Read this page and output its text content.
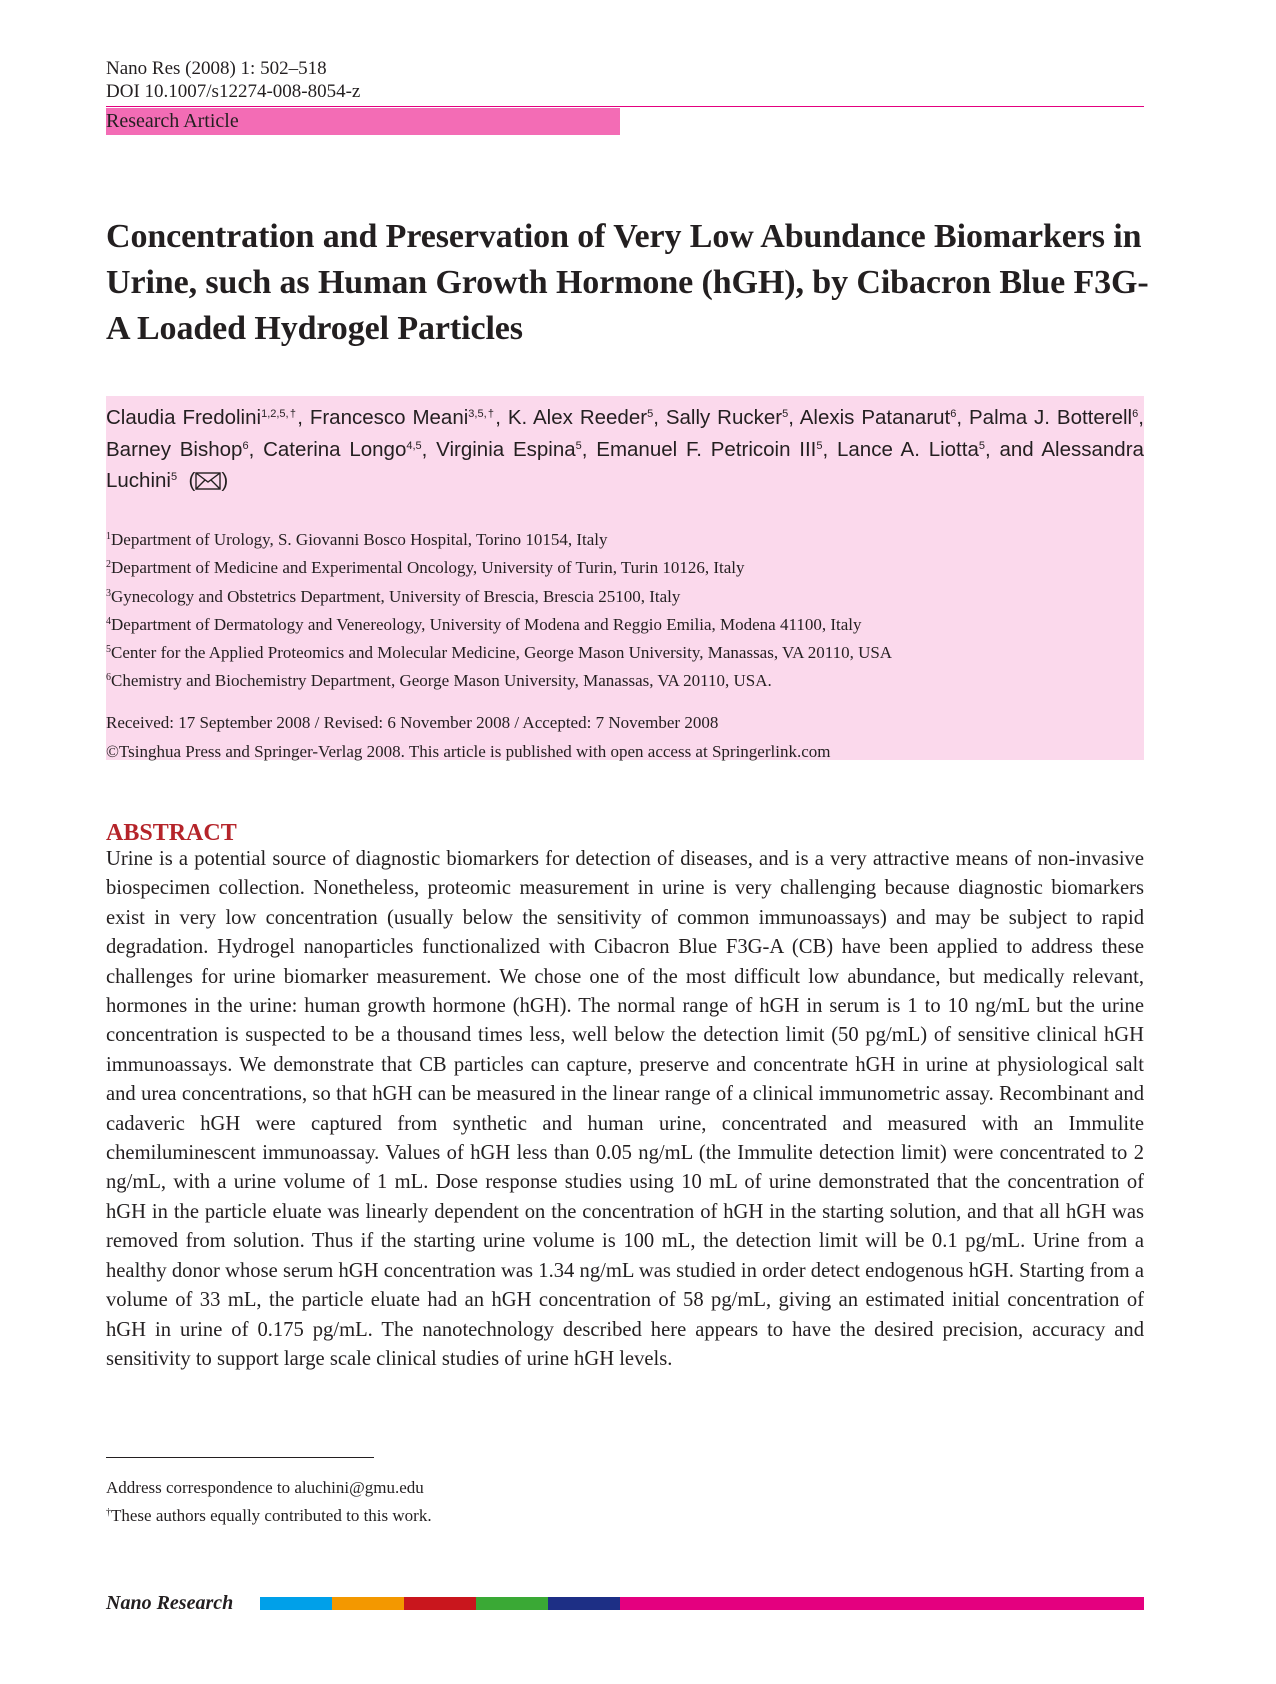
Nano Res (2008) 1: 502–518
DOI 10.1007/s12274-008-8054-z
Research Article
Concentration and Preservation of Very Low Abundance Biomarkers in Urine, such as Human Growth Hormone (hGH), by Cibacron Blue F3G-A Loaded Hydrogel Particles
Claudia Fredolini$^{1,2,5,\dagger}$, Francesco Meani$^{3,5,\dagger}$, K. Alex Reeder$^5$, Sally Rucker$^5$, Alexis Patanarut$^6$, Palma J. Botterell$^6$, Barney Bishop$^6$, Caterina Longo$^{4,5}$, Virginia Espina$^5$, Emanuel F. Petricoin III$^5$, Lance A. Liotta$^5$, and Alessandra Luchini$^5$  ( )
$^1$Department of Urology, S. Giovanni Bosco Hospital, Torino 10154, Italy
$^2$Department of Medicine and Experimental Oncology, University of Turin, Turin 10126, Italy
$^3$Gynecology and Obstetrics Department, University of Brescia, Brescia 25100, Italy
$^4$Department of Dermatology and Venereology, University of Modena and Reggio Emilia, Modena 41100, Italy
$^5$Center for the Applied Proteomics and Molecular Medicine, George Mason University, Manassas, VA 20110, USA
$^6$Chemistry and Biochemistry Department, George Mason University, Manassas, VA 20110, USA.
Received: 17 September 2008 / Revised: 6 November 2008 / Accepted: 7 November 2008
©Tsinghua Press and Springer-Verlag 2008. This article is published with open access at Springerlink.com
ABSTRACT

Urine is a potential source of diagnostic biomarkers for detection of diseases, and is a very attractive means of non-invasive biospecimen collection. Nonetheless, proteomic measurement in urine is very challenging because diagnostic biomarkers exist in very low concentration (usually below the sensitivity of common immunoassays) and may be subject to rapid degradation. Hydrogel nanoparticles functionalized with Cibacron Blue F3G-A (CB) have been applied to address these challenges for urine biomarker measurement. We chose one of the most difficult low abundance, but medically relevant, hormones in the urine: human growth hormone (hGH). The normal range of hGH in serum is 1 to 10 ng/mL but the urine concentration is suspected to be a thousand times less, well below the detection limit (50 pg/mL) of sensitive clinical hGH immunoassays. We demonstrate that CB particles can capture, preserve and concentrate hGH in urine at physiological salt and urea concentrations, so that hGH can be measured in the linear range of a clinical immunometric assay. Recombinant and cadaveric hGH were captured from synthetic and human urine, concentrated and measured with an Immulite chemiluminescent immunoassay. Values of hGH less than 0.05 ng/mL (the Immulite detection limit) were concentrated to 2 ng/mL, with a urine volume of 1 mL. Dose response studies using 10 mL of urine demonstrated that the concentration of hGH in the particle eluate was linearly dependent on the concentration of hGH in the starting solution, and that all hGH was removed from solution. Thus if the starting urine volume is 100 mL, the detection limit will be 0.1 pg/mL. Urine from a healthy donor whose serum hGH concentration was 1.34 ng/mL was studied in order detect endogenous hGH. Starting from a volume of 33 mL, the particle eluate had an hGH concentration of 58 pg/mL, giving an estimated initial concentration of hGH in urine of 0.175 pg/mL. The nanotechnology described here appears to have the desired precision, accuracy and sensitivity to support large scale clinical studies of urine hGH levels.

Address correspondence to aluchini@gmu.edu
†These authors equally contributed to this work.
Nano Research
